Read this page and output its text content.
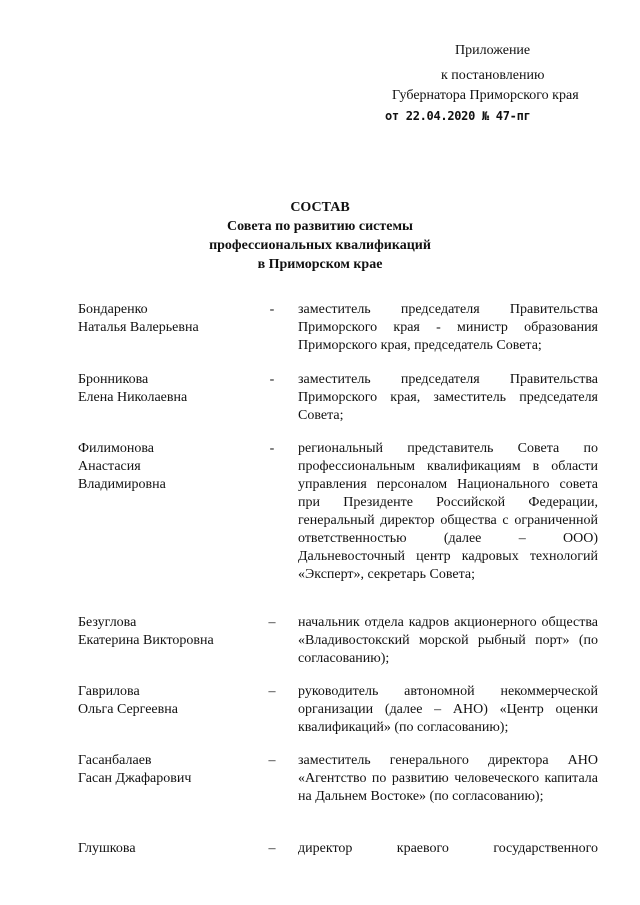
Приложение
к постановлению
Губернатора Приморского края
от 22.04.2020 № 47-пг
СОСТАВ
Совета по развитию системы
профессиональных квалификаций
в Приморском крае
Бондаренко
Наталья Валерьевна
-	заместитель председателя Правительства Приморского края - министр образования Приморского края, председатель Совета;
Бронникова
Елена Николаевна
-	заместитель председателя Правительства Приморского края, заместитель председателя Совета;
Филимонова
Анастасия
Владимировна
-	региональный представитель Совета по профессиональным квалификациям в области управления персоналом Национального совета при Президенте Российской Федерации, генеральный директор общества с ограниченной ответственностью (далее – ООО) Дальневосточный центр кадровых технологий «Эксперт», секретарь Совета;
Безуглова
Екатерина Викторовна
– начальник отдела кадров акционерного общества «Владивостокский морской рыбный порт» (по согласованию);
Гаврилова
Ольга Сергеевна
– руководитель автономной некоммерческой организации (далее – АНО) «Центр оценки квалификаций» (по согласованию);
Гасанбалаев
Гасан Джафарович
– заместитель генерального директора АНО «Агентство по развитию человеческого капитала на Дальнем Востоке» (по согласованию);
Глушкова	– директор краевого государственного
